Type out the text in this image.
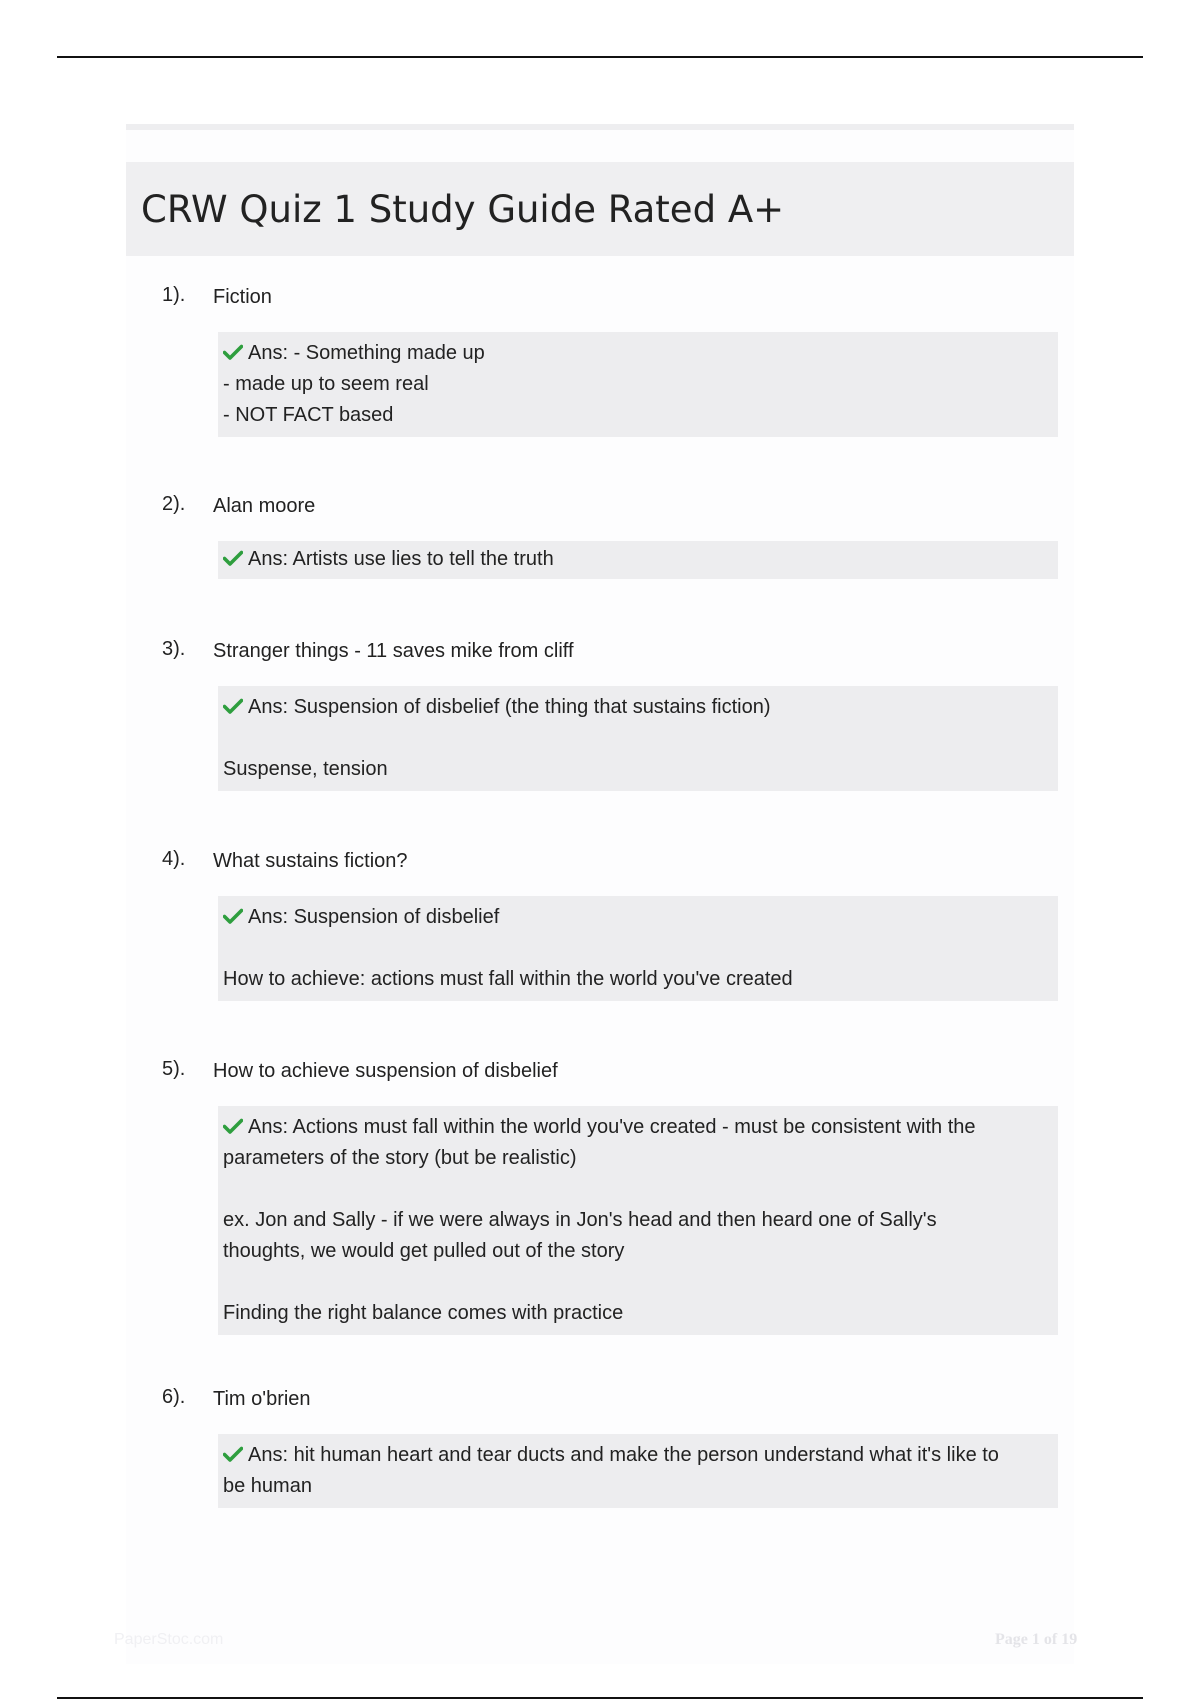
CRW Quiz 1 Study Guide Rated A+
1). Fiction
Ans: - Something made up
- made up to seem real
- NOT FACT based
2). Alan moore
Ans: Artists use lies to tell the truth
3). Stranger things - 11 saves mike from cliff
Ans: Suspension of disbelief (the thing that sustains fiction)
Suspense, tension
4). What sustains fiction?
Ans: Suspension of disbelief
How to achieve: actions must fall within the world you've created
5). How to achieve suspension of disbelief
Ans: Actions must fall within the world you've created - must be consistent with the
parameters of the story (but be realistic)
ex. Jon and Sally - if we were always in Jon's head and then heard one of Sally's
thoughts, we would get pulled out of the story
Finding the right balance comes with practice
6). Tim o'brien
Ans: hit human heart and tear ducts and make the person understand what it's like to
be human
PaperStoc.com	Page 1 of 19
